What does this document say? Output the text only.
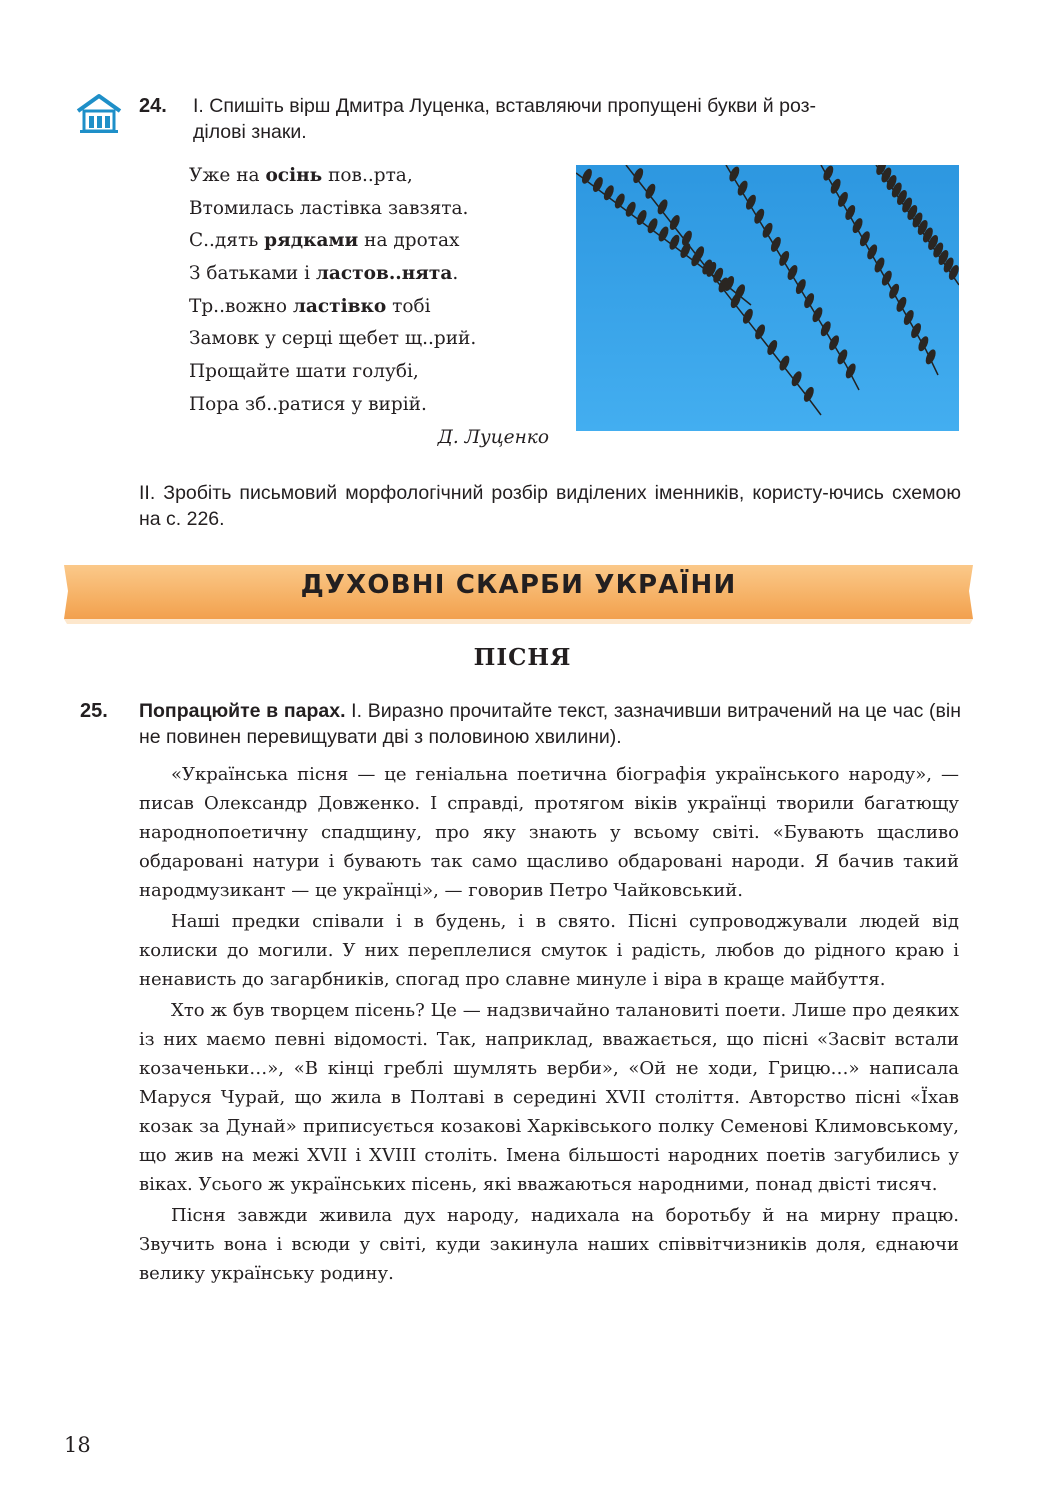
24. І. Спишіть вірш Дмитра Луценка, вставляючи пропущені букви й роз-
ділові знаки.
Уже на осінь пов..рта,
Втомилась ластівка завзята.
С..дять рядками на дротах
З батьками і ластов..нята.
Тр..вожно ластівко тобі
Замовк у серці щебет щ..рий.
Прощайте шати голубі,
Пора зб..ратися у вирій.
Д. Луценко
ІІ. Зробіть письмовий морфологічний розбір виділених іменників, користу-ючись схемою на с. 226.
ДУХОВНІ СКАРБИ УКРАЇНИ
ПІСНЯ
25. Попрацюйте в парах. І. Виразно прочитайте текст, зазначивши витрачений на це час (він не повинен перевищувати дві з половиною хвилини).

«Українська пісня — це геніальна поетична біографія українського народу», — писав Олександр Довженко. І справді, протягом віків українці творили багатющу народнопоетичну спадщину, про яку знають у всьому світі. «Бувають щасливо обдаровані натури і бувають так само щасливо обдаровані народи. Я бачив такий народмузикант — це українці», — говорив Петро Чайковський.

Наші предки співали і в будень, і в свято. Пісні супроводжували людей від колиски до могили. У них переплелися смуток і радість, любов до рідного краю і ненависть до загарбників, спогад про славне минуле і віра в краще майбуття.

Хто ж був творцем пісень? Це — надзвичайно талановиті поети. Лише про деяких із них маємо певні відомості. Так, наприклад, вважається, що пісні «Засвіт встали козаченьки…», «В кінці греблі шумлять верби», «Ой не ходи, Грицю…» написала Маруся Чурай, що жила в Полтаві в середині XVII століття. Авторство пісні «Їхав козак за Дунай» приписується козакові Харківського полку Семенові Климовському, що жив на межі XVII і XVIII століть. Імена більшості народних поетів загубились у віках. Усього ж українських пісень, які вважаються народними, понад двісті тисяч.

Пісня завжди живила дух народу, надихала на боротьбу й на мирну працю. Звучить вона і всюди у світі, куди закинула наших співвітчизників доля, єднаючи велику українську родину.

18
